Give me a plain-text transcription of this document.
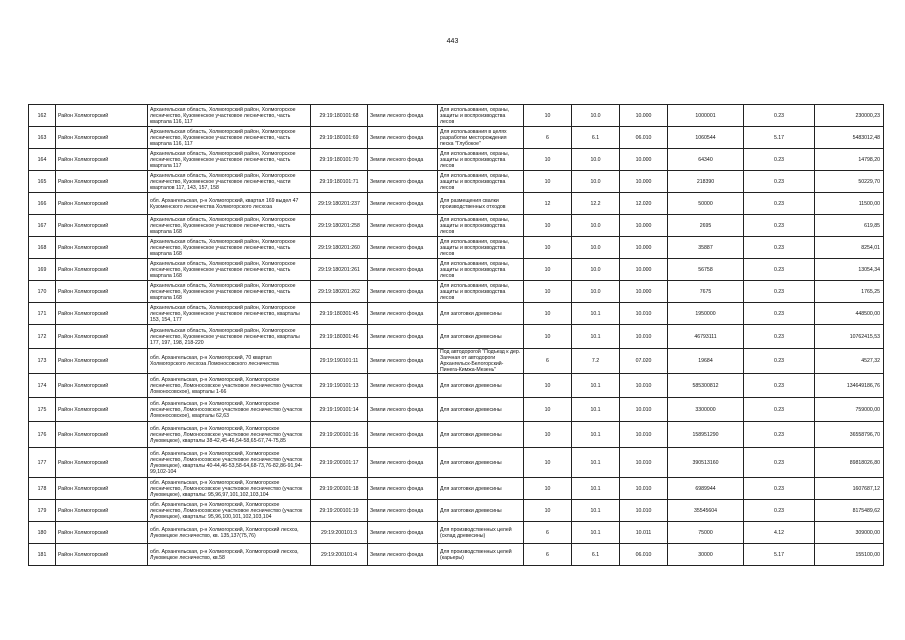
443
162	Район Холмогорский	Архангельская область, Холмогорский район, Холмогорское лесничество, Кузоменское участковое лесничество, часть квартала 116, 117	29:19:180101:68	Земли лесного фонда	Для использования, охраны, защиты и воспроизводства лесов	10	10.0	10.000	1000001	0.23	230000,23
163	Район Холмогорский	Архангельская область, Холмогорский район, Холмогорское лесничество, Кузоменское участковое лесничество, часть квартала 116, 117	29:19:180101:69	Земли лесного фонда	Для использования в целях разработки месторождения песка "Глубокое"	6	6.1	06.010	1060544	5.17	5483012,48
164	Район Холмогорский	Архангельская область, Холмогорский район, Холмогорское лесничество, Кузоменское участковое лесничество, часть квартала 117	29:19:180101:70	Земли лесного фонда	Для использования, охраны, защиты и воспроизводства лесов	10	10.0	10.000	64340	0.23	14798,20
165	Район Холмогорский	Архангельская область, Холмогорский район, Холмогорское лесничество, Кузоменское участковое лесничество, части кварталов 117, 143, 157, 158	29:19:180101:71	Земли лесного фонда	Для использования, охраны, защиты и воспроизводства лесов	10	10.0	10.000	218390	0.23	50229,70
166	Район Холмогорский	обл. Архангельская, р-н Холмогорский, квартал 169 выдел 47 Кузоменского лесничества Холмогорского лесхоза	29:19:180201:237	Земли лесного фонда	Для размещения свалки производственных отходов	12	12.2	12.020	50000	0.23	11500,00
167	Район Холмогорский	Архангельская область, Холмогорский район, Холмогорское лесничество, Кузоменское участковое лесничество, часть квартала 168	29:19:180201:258	Земли лесного фонда	Для использования, охраны, защиты и воспроизводства лесов	10	10.0	10.000	2695	0.23	619,85
168	Район Холмогорский	Архангельская область, Холмогорский район, Холмогорское лесничество, Кузоменское участковое лесничество, часть квартала 168	29:19:180201:260	Земли лесного фонда	Для использования, охраны, защиты и воспроизводства лесов	10	10.0	10.000	35887	0.23	8254,01
169	Район Холмогорский	Архангельская область, Холмогорский район, Холмогорское лесничество, Кузоменское участковое лесничество, часть квартала 168	29:19:180201:261	Земли лесного фонда	Для использования, охраны, защиты и воспроизводства лесов	10	10.0	10.000	56758	0.23	13054,34
170	Район Холмогорский	Архангельская область, Холмогорский район, Холмогорское лесничество, Кузоменское участковое лесничество, часть квартала 168	29:19:180201:262	Земли лесного фонда	Для использования, охраны, защиты и воспроизводства лесов	10	10.0	10.000	7675	0.23	1765,25
171	Район Холмогорский	Архангельская область, Холмогорский район, Холмогорское лесничество, Кузоменское участковое лесничество, кварталы 153, 154, 177	29:19:180301:45	Земли лесного фонда	Для заготовки древесины	10	10.1	10.010	1950000	0.23	448500,00
172	Район Холмогорский	Архангельская область, Холмогорский район, Холмогорское лесничество, Кузоменское участковое лесничество, кварталы 177, 197, 198, 218-220	29:19:180301:46	Земли лесного фонда	Для заготовки древесины	10	10.1	10.010	46793111	0.23	10762415,53
173	Район Холмогорский	обл. Архангельская, р-н Холмогорский, 70 квартал Холмогорского лесхоза Ломоносовского лесничества	29:19:190101:11	Земли лесного фонда	Под автодорогой "Подъезд к дер. Заячная от автодороги Архангельск-Белогорский-Пинега-Кимжа-Мезень"	6	7.2	07.020	19684	0.23	4527,32
174	Район Холмогорский	обл. Архангельская, р-н Холмогорский, Холмогорское лесничество, Ломоносовское участковое лесничество (участок Ломоносовское), кварталы 1-66	29:19:190101:13	Земли лесного фонда	Для заготовки древесины	10	10.1	10.010	585300812	0.23	134649186,76
175	Район Холмогорский	обл. Архангельская, р-н Холмогорский, Холмогорское лесничество, Ломоносовское участковое лесничество (участок Ломоносовское), кварталы 62,63	29:19:190101:14	Земли лесного фонда	Для заготовки древесины	10	10.1	10.010	3300000	0.23	759000,00
176	Район Холмогорский	обл. Архангельская, р-н Холмогорский, Холмогорское лесничество, Ломоносовское участковое лесничество (участок Луковецкое), кварталы 38-42,45-46,54-58,65-67,74-75,85	29:19:200101:16	Земли лесного фонда	Для заготовки древесины	10	10.1	10.010	158951290	0.23	36558796,70
177	Район Холмогорский	обл. Архангельская, р-н Холмогорский, Холмогорское лесничество, Ломоносовское участковое лесничество (участок Луковецкое), кварталы 40-44,46-53,58-64,68-73,76-82,86-91,94-99,102-104	29:19:200101:17	Земли лесного фонда	Для заготовки древесины	10	10.1	10.010	390513160	0.23	89818026,80
178	Район Холмогорский	обл. Архангельская, р-н Холмогорский, Холмогорское лесничество, Ломоносовское участковое лесничество (участок Луковецкое), кварталы: 95,96,97,101,102,103,104	29:19:200101:18	Земли лесного фонда	Для заготовки древесины	10	10.1	10.010	6989944	0.23	1607687,12
179	Район Холмогорский	обл. Архангельская, р-н Холмогорский, Холмогорское лесничество, Ломоносовское участковое лесничество (участок Луковецкое), кварталы: 95,96,100,101,102,103,104	29:19:200101:19	Земли лесного фонда	Для заготовки древесины	10	10.1	10.010	35545604	0.23	8175489,62
180	Район Холмогорский	обл. Архангельская, р-н Холмогорский, Холмогорский лесхоз, Луковецкое лесничество, кв. 135,137(75,76)	29:19:200101:3	Земли лесного фонда	Для производственных целей (склад древесины)	6	10.1	10.011	75000	4.12	309000,00
181	Район Холмогорский	обл. Архангельская, р-н Холмогорский, Холмогорский лесхоз, Луковецкое лесничество, кв.58	29:19:200101:4	Земли лесного фонда	Для производственных целей (карьеры)	6	6.1	06.010	30000	5.17	155100,00
